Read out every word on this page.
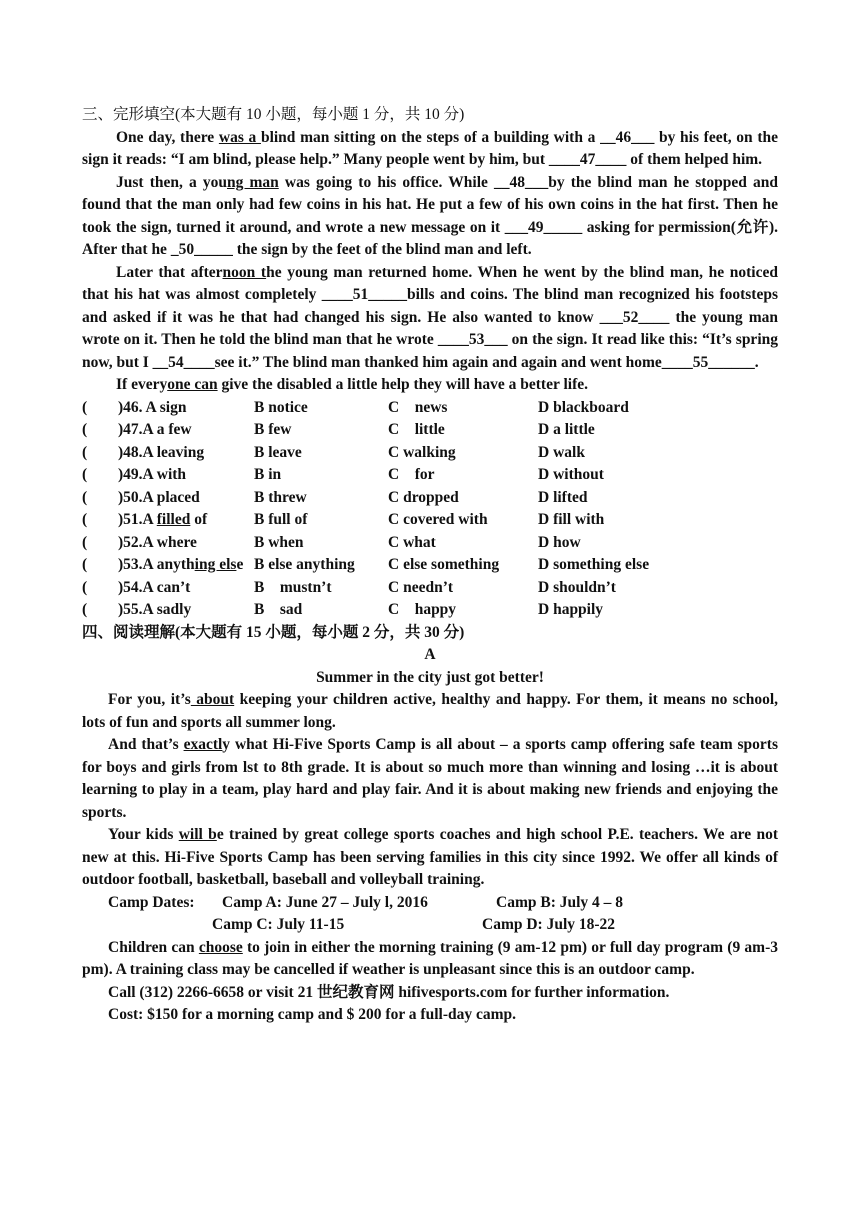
三、完形填空(本大题有 10 小题，每小题 1 分，共 10 分)

One day, there was a blind man sitting on the steps of a building with a __46___ by his feet, on the sign it reads: “I am blind, please help.” Many people went by him, but ____47____ of them helped him.

Just then, a young man was going to his office. While __48___by the blind man he stopped and found that the man only had few coins in his hat. He put a few of his own coins in the hat first. Then he took the sign, turned it around, and wrote a new message on it ___49_____ asking for permission(允许). After that he _50_____ the sign by the feet of the blind man and left.

Later that afternoon the young man returned home. When he went by the blind man, he noticed that his hat was almost completely ____51_____bills and coins. The blind man recognized his footsteps and asked if it was he that had changed his sign. He also wanted to know ___52____ the young man wrote on it. Then he told the blind man that he wrote ____53___ on the sign. It read like this: “It’s spring now, but I __54____see it.” The blind man thanked him again and again and went home____55______.

If everyone can give the disabled a little help they will have a better life.

(	)46. A sign	B notice	C    news	D blackboard
(	)47.A a few	B few	C    little	D a little
(	)48.A leaving	B leave	C walking	D walk
(	)49.A with	B in	C    for	D without
(	)50.A placed	B threw	C dropped	D lifted
(	)51.A filled of	B full of	C covered with	D fill with
(	)52.A where	B when	C what	D how
(	)53.A anything else B else anything	C else something	D something else
(	)54.A can’t	B    mustn’t	C needn’t	D shouldn’t
(	)55.A sadly	B    sad	C    happy	D happily

四、阅读理解(本大题有 15 小题，每小题 2 分，共 30 分)

A

Summer in the city just got better!

For you, it’s about keeping your children active, healthy and happy. For them, it means no school, lots of fun and sports all summer long.

And that’s exactly what Hi-Five Sports Camp is all about – a sports camp offering safe team sports for boys and girls from lst to 8th grade. It is about so much more than winning and losing …it is about learning to play in a team, play hard and play fair. And it is about making new friends and enjoying the sports.

Your kids will be trained by great college sports coaches and high school P.E. teachers. We are not new at this. Hi-Five Sports Camp has been serving families in this city since 1992. We offer all kinds of outdoor football, basketball, baseball and volleyball training.

Camp Dates:	Camp A: June 27 – July l, 2016	Camp B: July 4 – 8
Camp C: July 11-15	Camp D: July 18-22

Children can choose to join in either the morning training (9 am-12 pm) or full day program (9 am-3 pm). A training class may be cancelled if weather is unpleasant since this is an outdoor camp.

Call (312) 2266-6658 or visit 21 世纪教育网 hifivesports.com for further information.

Cost: $150 for a morning camp and $ 200 for a full-day camp.
